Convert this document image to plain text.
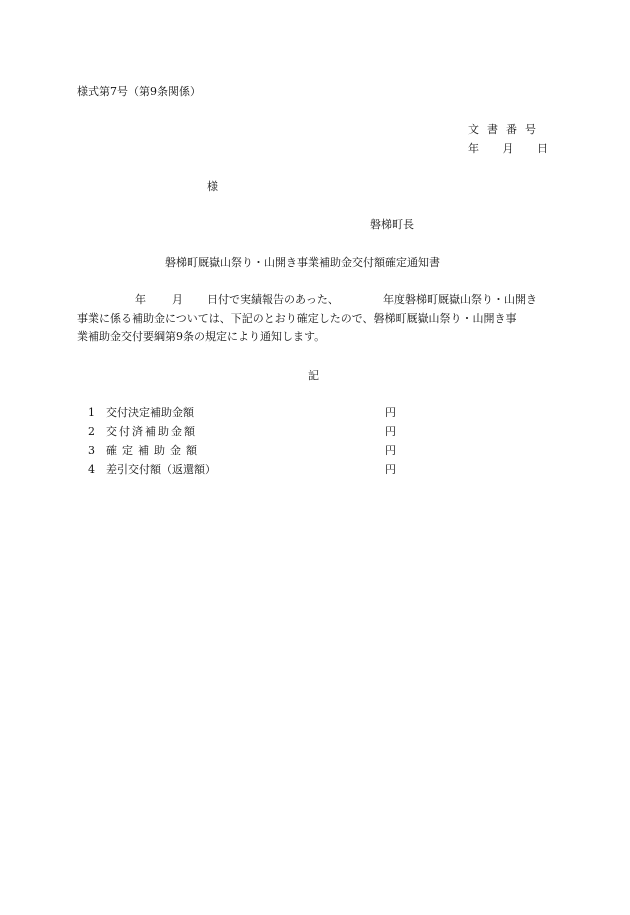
様式第7号（第9条関係）
文書番号
年 月 日
様
磐梯町長
磐梯町厩嶽山祭り・山開き事業補助金交付額確定通知書
年 月 日付で実績報告のあった、	年度磐梯町厩嶽山祭り・山開き
事業に係る補助金については、下記のとおり確定したので、磐梯町厩嶽山祭り・山開き事
業補助金交付要綱第9条の規定により通知します。
記
1 交付決定補助金額	円
2 交付済補助金額	円
3 確定補助金額	円
4 差引交付額（返還額）	円
